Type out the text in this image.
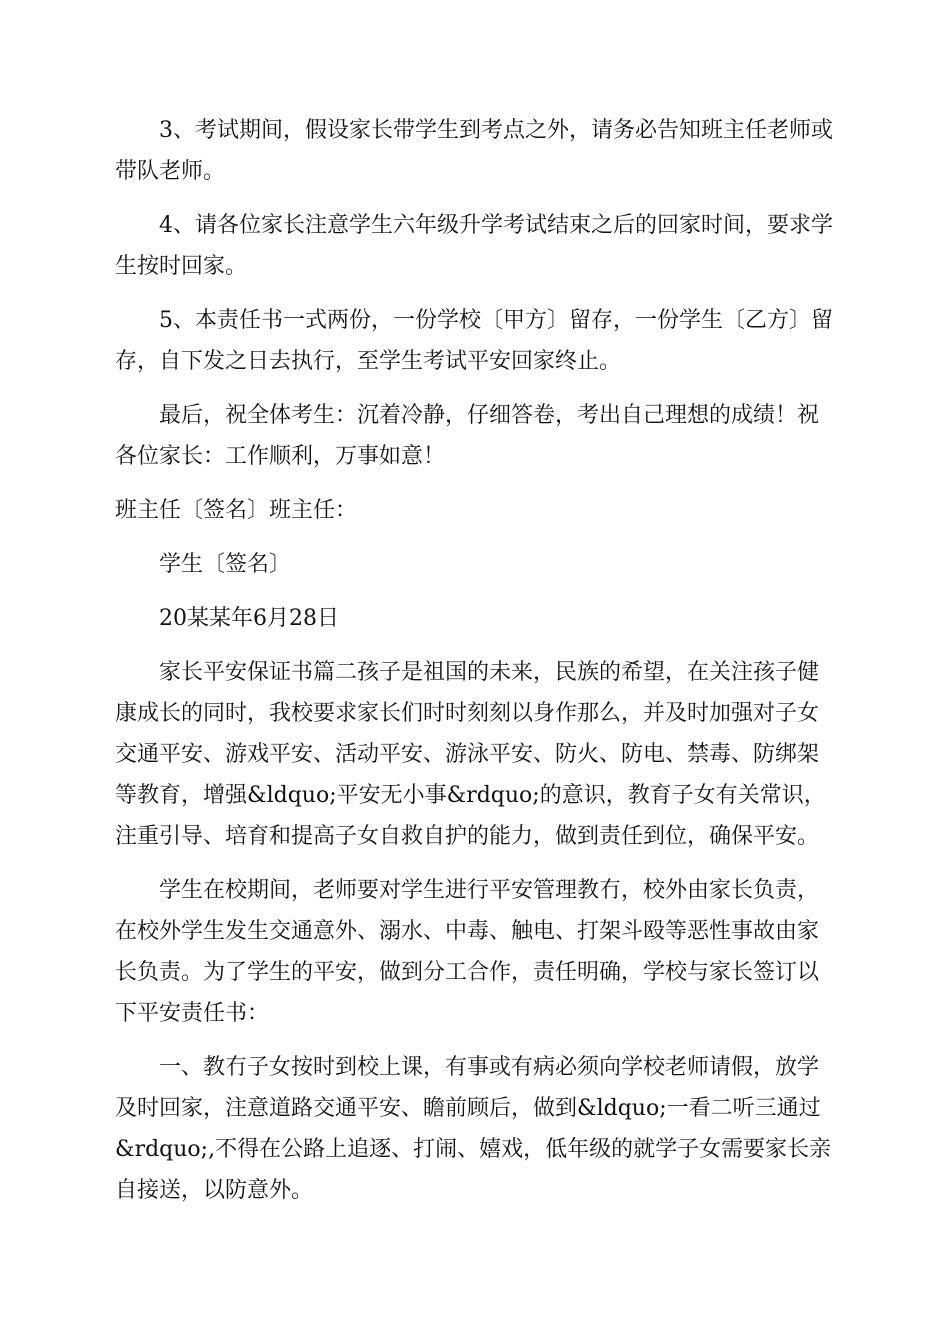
3、考试期间，假设家长带学生到考点之外，请务必告知班主任老师或带队老师。

4、请各位家长注意学生六年级升学考试结束之后的回家时间，要求学生按时回家。

5、本责任书一式两份，一份学校〔甲方〕留存，一份学生〔乙方〕留存，自下发之日去执行，至学生考试平安回家终止。

最后，祝全体考生：沉着冷静，仔细答卷，考出自己理想的成绩！祝各位家长：工作顺利，万事如意！

班主任〔签名〕班主任：

学生〔签名〕

20某某年6月28日

家长平安保证书篇二孩子是祖国的未来，民族的希望，在关注孩子健康成长的同时，我校要求家长们时时刻刻以身作那么，并及时加强对子女交通平安、游戏平安、活动平安、游泳平安、防火、防电、禁毒、防绑架等教育，增强&ldquo;平安无小事&rdquo;的意识，教育子女有关常识，注重引导、培育和提高子女自救自护的能力，做到责任到位，确保平安。

学生在校期间，老师要对学生进行平安管理教冇，校外由家长负责，在校外学生发生交通意外、溺水、中毒、触电、打架斗殴等恶性事故由家长负责。为了学生的平安，做到分工合作，责任明确，学校与家长签订以下平安责任书：

一、教冇子女按时到校上课，有事或有病必须向学校老师请假，放学及时回家，注意道路交通平安、瞻前顾后，做到&ldquo;一看二听三通过&rdquo;,不得在公路上追逐、打闹、嬉戏，低年级的就学子女需要家长亲自接送，以防意外。
